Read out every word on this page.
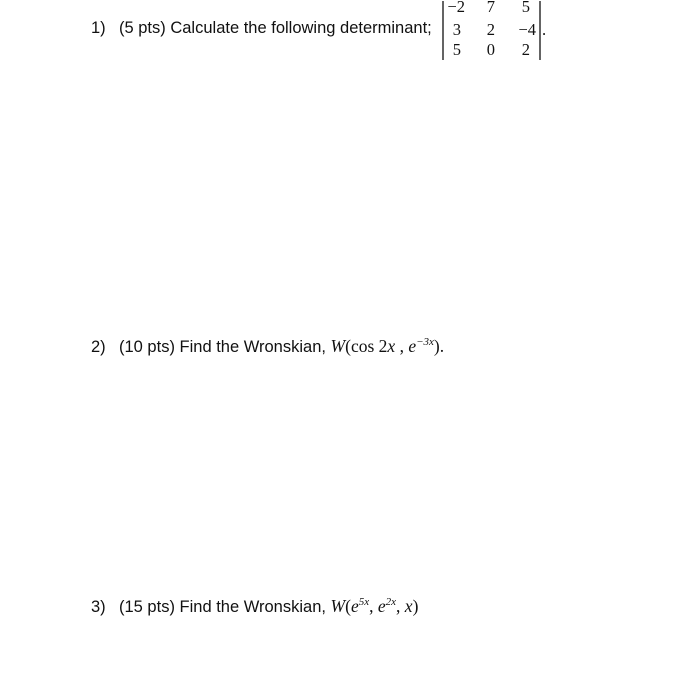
1) (5 pts) Calculate the following determinant;
−2 7 5
3 2 −4
5 0 2
.
2) (10 pts) Find the Wronskian, W(cos 2x , $e^{-3x}$).
3) (15 pts) Find the Wronskian, $W(e^{5x}$, $e^{2x}$, x)
